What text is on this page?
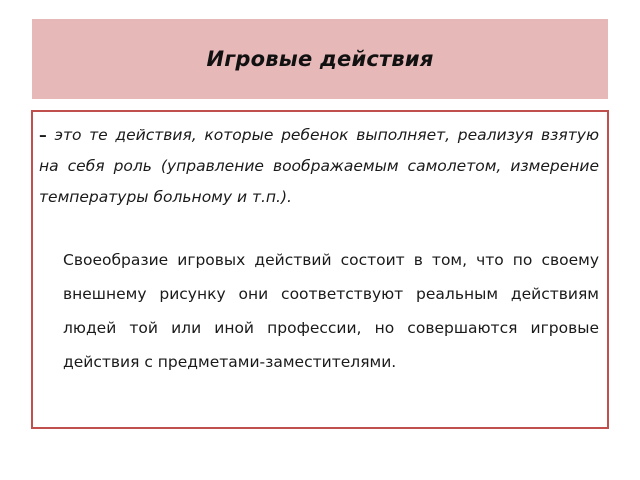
Игровые действия

– это те действия, которые ребенок выполняет, реализуя взятую на себя роль (управление воображаемым самолетом, измерение температуры больному и т.п.).

Своеобразие игровых действий состоит в том, что по своему внешнему рисунку они соответствуют реальным действиям людей той или иной профессии, но совершаются игровые действия с предметами-заместителями.
